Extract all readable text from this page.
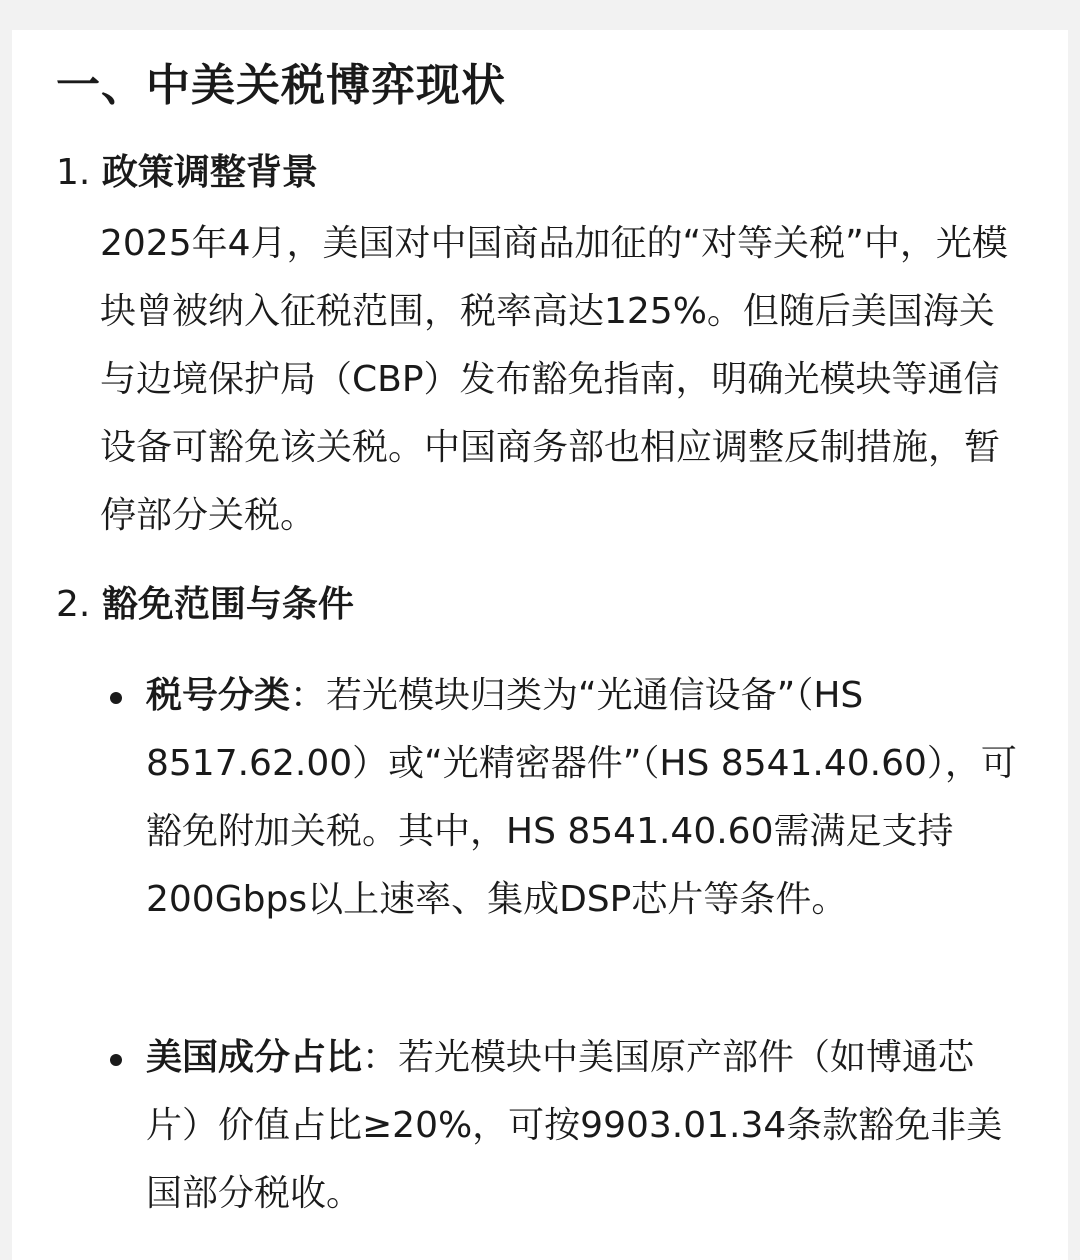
一、中美关税博弈现状
1. 政策调整背景

2025年4月，美国对中国商品加征的“对等关税”中，光模块曾被纳入征税范围，税率高达125%。但随后美国海关与边境保护局（CBP）发布豁免指南，明确光模块等通信设备可豁免该关税。中国商务部也相应调整反制措施，暂停部分关税。

2. 豁免范围与条件

税号分类：若光模块归类为“光通信设备”（HS 8517.62.00）或“光精密器件”（HS 8541.40.60），可豁免附加关税。其中，HS 8541.40.60需满足支持200Gbps以上速率、集成DSP芯片等条件。

美国成分占比：若光模块中美国原产部件（如博通芯片）价值占比≥20%，可按9903.01.34条款豁免非美国部分税收。
